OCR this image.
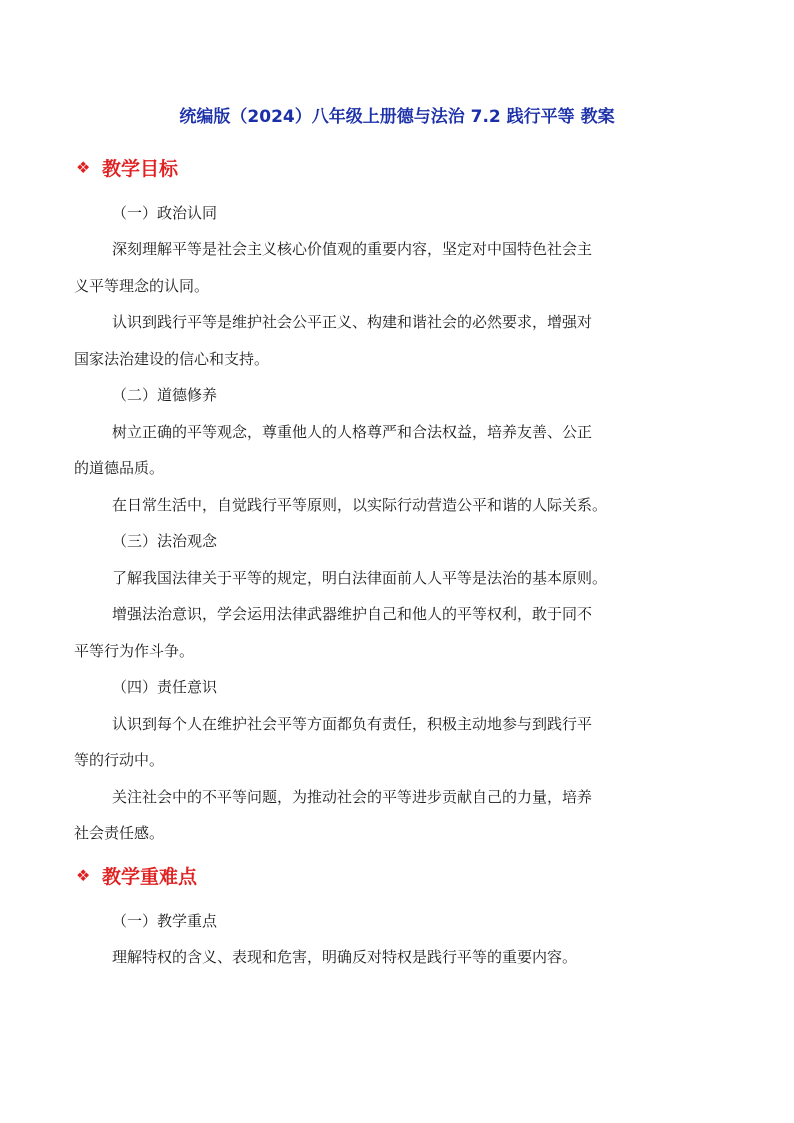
统编版（2024）八年级上册德与法治 7.2 践行平等 教案
❖ 教学目标

（一）政治认同

深刻理解平等是社会主义核心价值观的重要内容，坚定对中国特色社会主

义平等理念的认同。

认识到践行平等是维护社会公平正义、构建和谐社会的必然要求，增强对

国家法治建设的信心和支持。

（二）道德修养

树立正确的平等观念，尊重他人的人格尊严和合法权益，培养友善、公正

的道德品质。

在日常生活中，自觉践行平等原则，以实际行动营造公平和谐的人际关系。

（三）法治观念

了解我国法律关于平等的规定，明白法律面前人人平等是法治的基本原则。

增强法治意识，学会运用法律武器维护自己和他人的平等权利，敢于同不

平等行为作斗争。

（四）责任意识

认识到每个人在维护社会平等方面都负有责任，积极主动地参与到践行平

等的行动中。

关注社会中的不平等问题，为推动社会的平等进步贡献自己的力量，培养

社会责任感。

❖ 教学重难点

（一）教学重点

理解特权的含义、表现和危害，明确反对特权是践行平等的重要内容。
